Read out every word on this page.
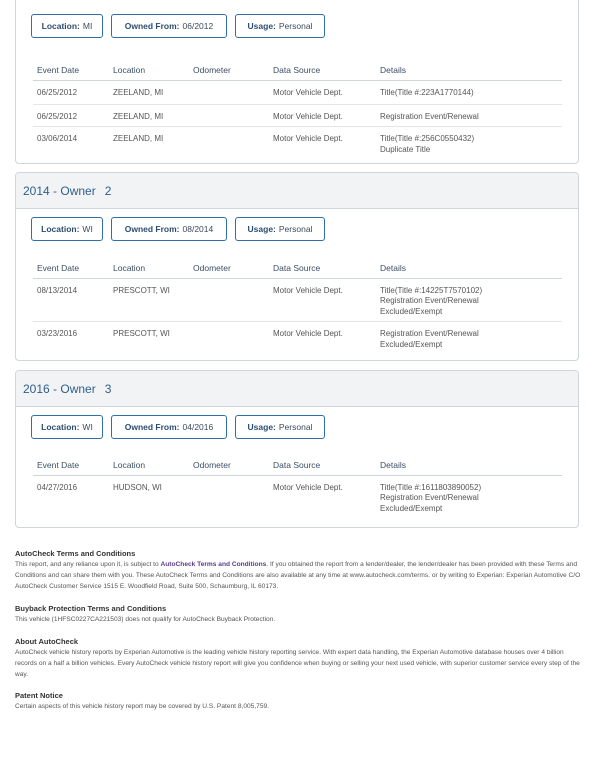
Location: MI	Owned From: 06/2012	Usage: Personal
Event Date	Location	Odometer	Data Source	Details
06/25/2012	ZEELAND, MI		Motor Vehicle Dept.	Title(Title #:223A1770144)
06/25/2012	ZEELAND, MI		Motor Vehicle Dept.	Registration Event/Renewal
03/06/2014	ZEELAND, MI		Motor Vehicle Dept.	Title(Title #:256C0550432)
Duplicate Title
2014 - Owner 2
Location: WI	Owned From: 08/2014	Usage: Personal
Event Date	Location	Odometer	Data Source	Details
08/13/2014	PRESCOTT, WI		Motor Vehicle Dept.	Title(Title #:14225T7570102)
Registration Event/Renewal
Excluded/Exempt

03/23/2016	PRESCOTT, WI		Motor Vehicle Dept.	Registration Event/Renewal
Excluded/Exempt
2016 - Owner 3
Location: WI	Owned From: 04/2016	Usage: Personal
Event Date	Location	Odometer	Data Source	Details
04/27/2016	HUDSON, WI		Motor Vehicle Dept.	Title(Title #:1611803890052)
Registration Event/Renewal
Excluded/Exempt
AutoCheck Terms and Conditions

This report, and any reliance upon it, is subject to AutoCheck Terms and Conditions. If you obtained the report from a lender/dealer, the lender/dealer has been provided with these Terms and Conditions and can share them with you. These AutoCheck Terms and Conditions are also available at any time at www.autocheck.com/terms. or by writing to Experian: Experian Automotive C/O AutoCheck Customer Service 1515 E. Woodfield Road, Suite 500, Schaumburg, IL 60173.

Buyback Protection Terms and Conditions

This vehicle (1HFSC0227CA221503) does not qualify for AutoCheck Buyback Protection.

About AutoCheck

AutoCheck vehicle history reports by Experian Automotive is the leading vehicle history reporting service. With expert data handling, the Experian Automotive database houses over 4 billion records on a half a billion vehicles. Every AutoCheck vehicle history report will give you confidence when buying or selling your next used vehicle, with superior customer service every step of the way.

Patent Notice

Certain aspects of this vehicle history report may be covered by U.S. Patent 8,005,759.
